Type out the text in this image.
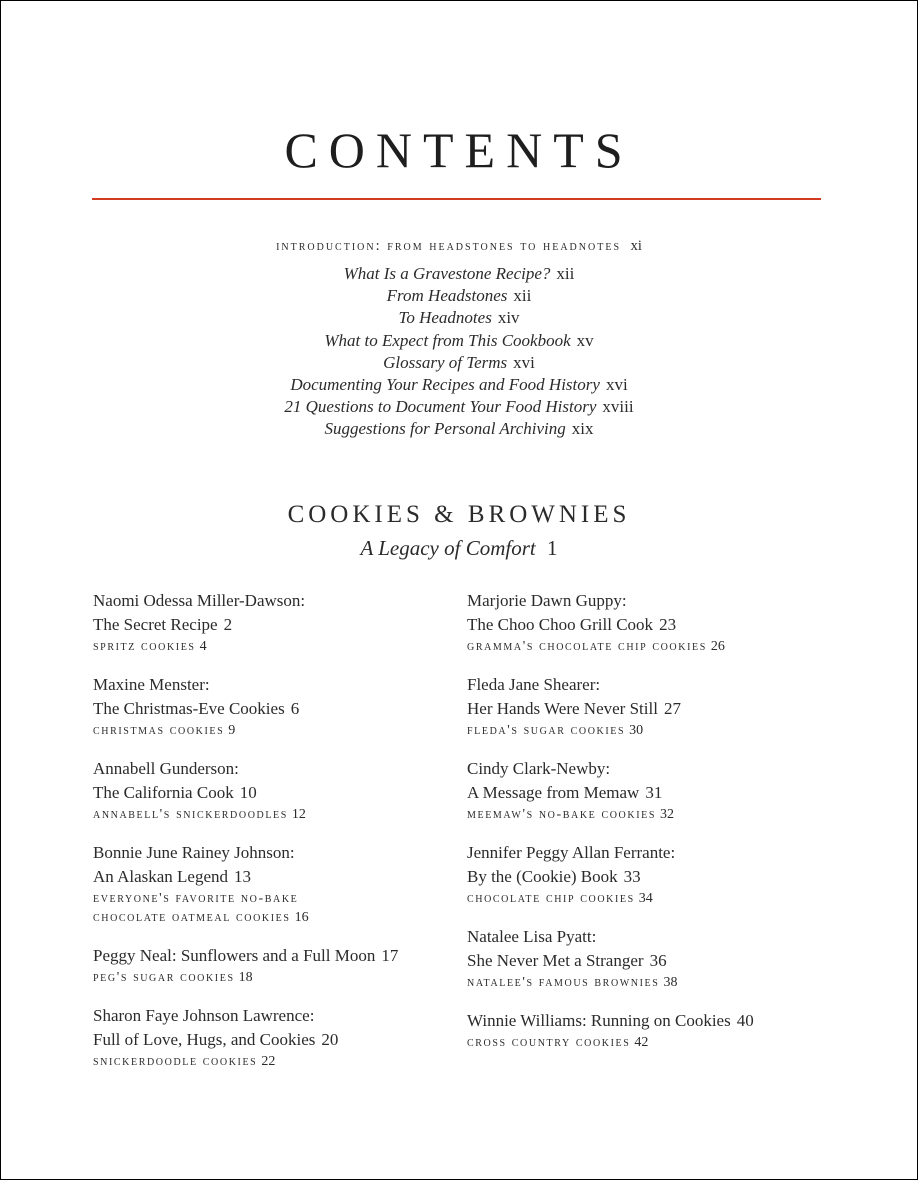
CONTENTS
introduction: from headstones to headnotes xi
What Is a Gravestone Recipe? xii
From Headstones xii
To Headnotes xiv
What to Expect from This Cookbook xv
Glossary of Terms xvi
Documenting Your Recipes and Food History xvi
21 Questions to Document Your Food History xviii
Suggestions for Personal Archiving xix
COOKIES & BROWNIES
A Legacy of Comfort 1
Naomi Odessa Miller-Dawson:
The Secret Recipe 2
spritz cookies 4
Maxine Menster:
The Christmas-Eve Cookies 6
christmas cookies 9
Annabell Gunderson:
The California Cook 10
annabell's snickerdoodles 12
Bonnie June Rainey Johnson:
An Alaskan Legend 13
everyone's favorite no-bake
chocolate oatmeal cookies 16
Peggy Neal: Sunflowers and a Full Moon 17
peg's sugar cookies 18
Sharon Faye Johnson Lawrence:
Full of Love, Hugs, and Cookies 20
snickerdoodle cookies 22
Marjorie Dawn Guppy:
The Choo Choo Grill Cook 23
gramma's chocolate chip cookies 26
Fleda Jane Shearer:
Her Hands Were Never Still 27
fleda's sugar cookies 30
Cindy Clark-Newby:
A Message from Memaw 31
meemaw's no-bake cookies 32
Jennifer Peggy Allan Ferrante:
By the (Cookie) Book 33
chocolate chip cookies 34
Natalee Lisa Pyatt:
She Never Met a Stranger 36
natalee's famous brownies 38
Winnie Williams: Running on Cookies 40
cross country cookies 42
